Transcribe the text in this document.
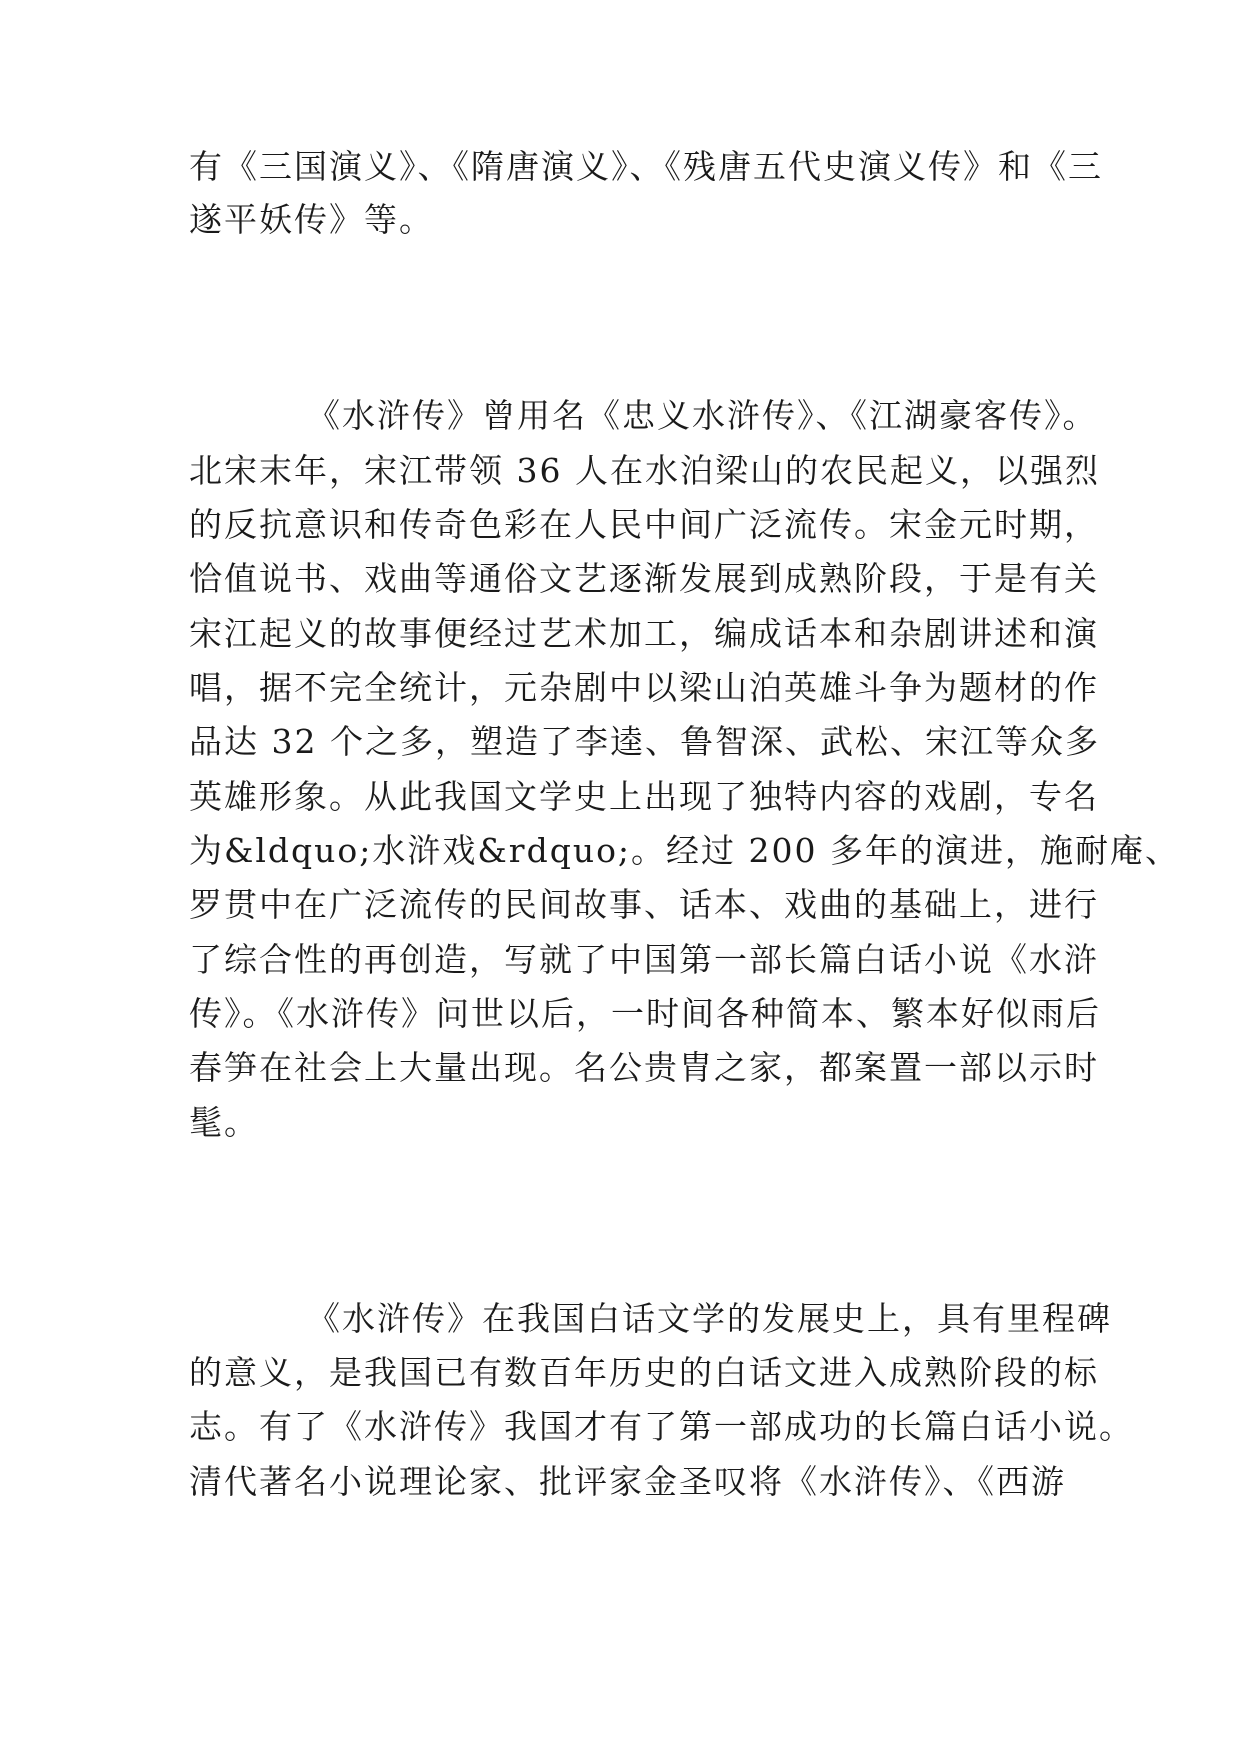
有《三国演义》、《隋唐演义》、《残唐五代史演义传》和《三
遂平妖传》等。
《水浒传》曾用名《忠义水浒传》、《江湖豪客传》。
北宋末年，宋江带领 36 人在水泊梁山的农民起义，以强烈
的反抗意识和传奇色彩在人民中间广泛流传。宋金元时期，
恰值说书、戏曲等通俗文艺逐渐发展到成熟阶段，于是有关
宋江起义的故事便经过艺术加工，编成话本和杂剧讲述和演
唱，据不完全统计，元杂剧中以梁山泊英雄斗争为题材的作
品达 32 个之多，塑造了李逵、鲁智深、武松、宋江等众多
英雄形象。从此我国文学史上出现了独特内容的戏剧，专名
为&ldquo;水浒戏&rdquo;。经过 200 多年的演进，施耐庵、
罗贯中在广泛流传的民间故事、话本、戏曲的基础上，进行
了综合性的再创造，写就了中国第一部长篇白话小说《水浒
传》。《水浒传》问世以后，一时间各种简本、繁本好似雨后
春笋在社会上大量出现。名公贵胄之家，都案置一部以示时
髦。
《水浒传》在我国白话文学的发展史上，具有里程碑
的意义，是我国已有数百年历史的白话文进入成熟阶段的标
志。有了《水浒传》我国才有了第一部成功的长篇白话小说。
清代著名小说理论家、批评家金圣叹将《水浒传》、《西游
